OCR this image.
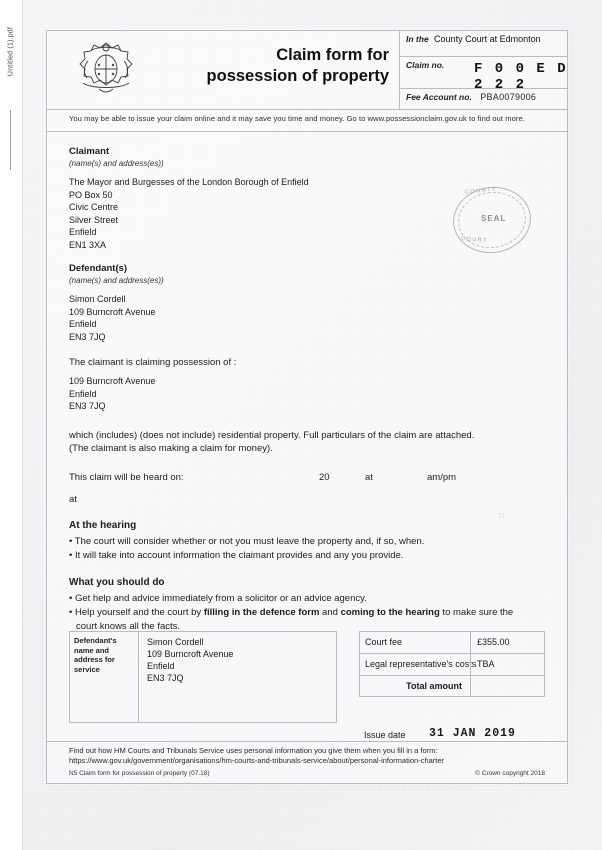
Untitled (1).pdf	Claim form for
possession of property
In the County Court at Edmonton
Claim no. F 0 0 E D 2 2 2
Fee Account no. PBA0079006
You may be able to issue your claim online and it may save you time and money. Go to www.possessionclaim.gov.uk to find out more.
Claimant
(name(s) and address(es))
The Mayor and Burgesses of the London Borough of Enfield
PO Box 50
Civic Centre
Silver Street
Enfield
EN1 3XA
Defendant(s)
(name(s) and address(es))
Simon Cordell
109 Burncroft Avenue
Enfield
EN3 7JQ
The claimant is claiming possession of :
109 Burncroft Avenue
Enfield
EN3 7JQ
which (includes) (does not include) residential property. Full particulars of the claim are attached.
(The claimant is also making a claim for money).
This claim will be heard on:	20	at	am/pm
at
At the hearing
• The court will consider whether or not you must leave the property and, if so, when.
• It will take into account information the claimant provides and any you provide.
What you should do
• Get help and advice immediately from a solicitor or an advice agency.
• Help yourself and the court by filling in the defence form and coming to the hearing to make sure the
court knows all the facts.
COUNTY
SEAL
COURT
□
Defendant's name and address for service
Simon Cordell
109 Burncroft Avenue
Enfield
EN3 7JQ
Court fee	£355.00
Legal representative's costs TBA
Total amount
Issue date 31 JAN 2019
Find out how HM Courts and Tribunals Service uses personal information you give them when you fill in a form:
https://www.gov.uk/government/organisations/hm-courts-and-tribunals-service/about/personal-information-charter
N5 Claim form for possession of property (07.18)	© Crown copyright 2018
